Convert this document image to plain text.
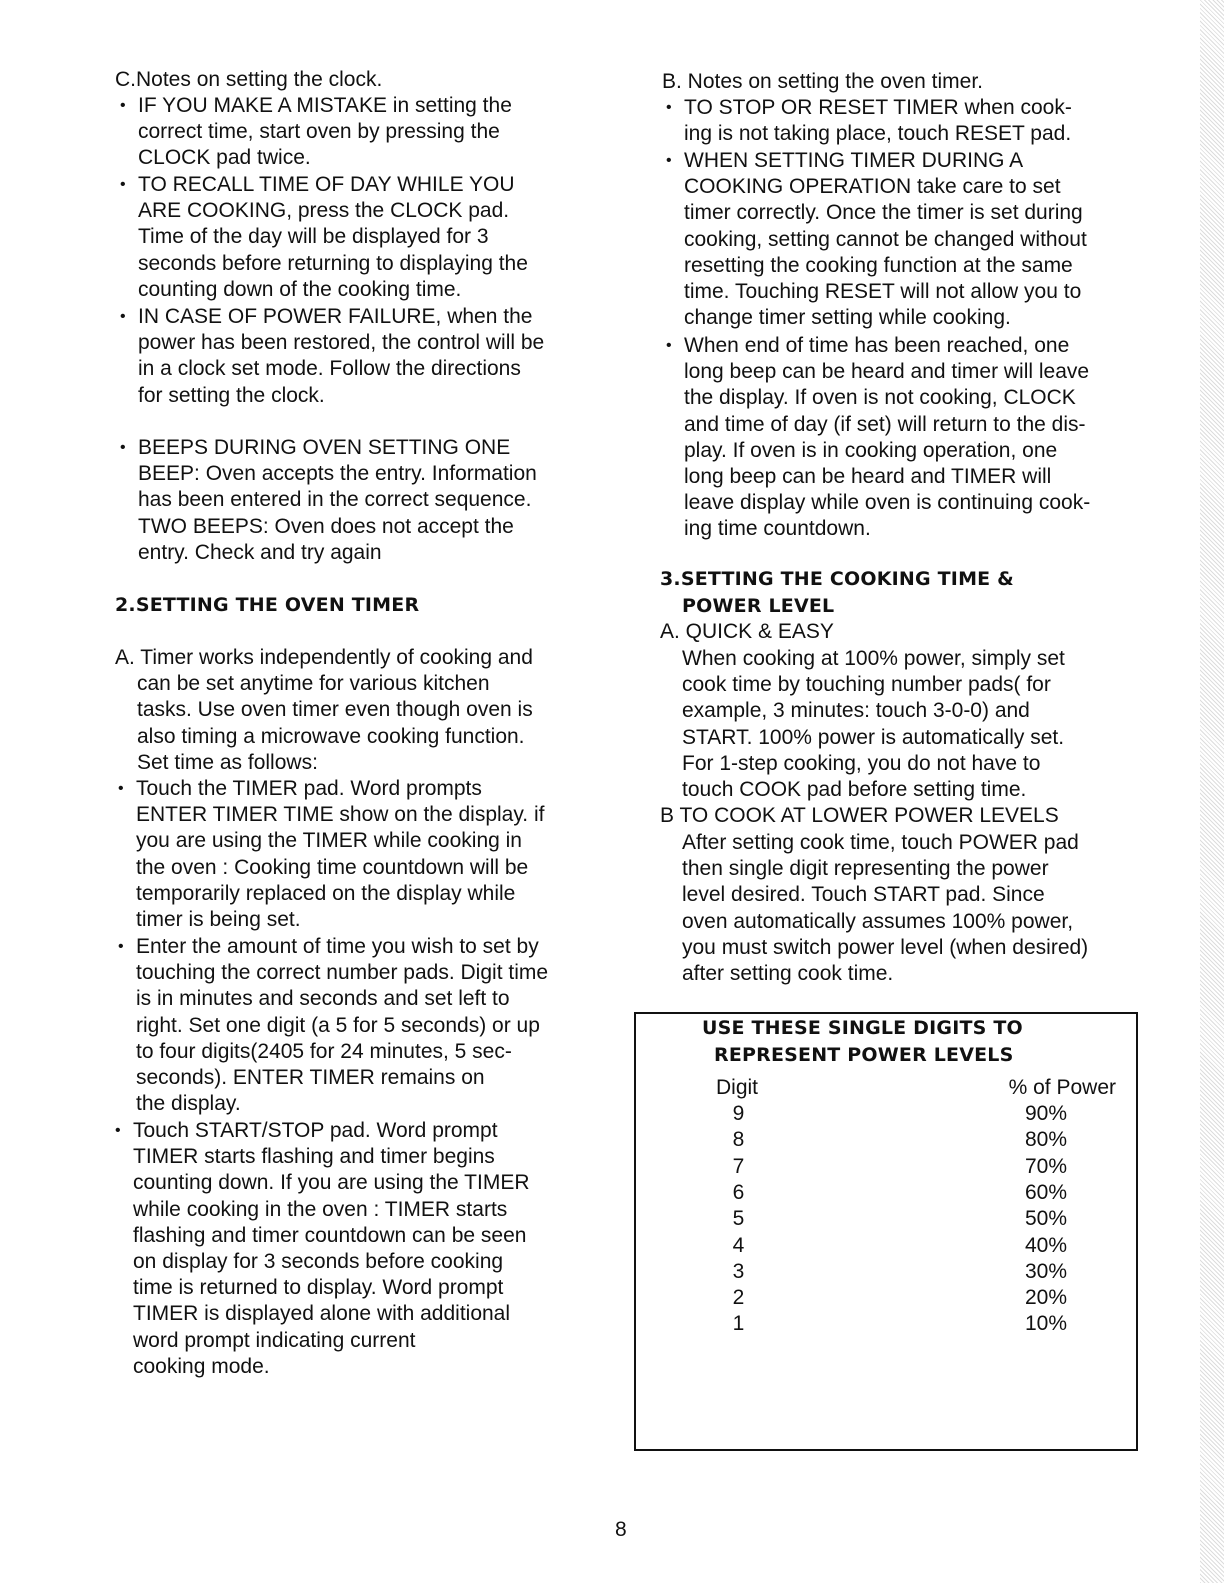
C.Notes on setting the clock.
• IF YOU MAKE A MISTAKE in setting the
correct time, start oven by pressing the
CLOCK pad twice.
• TO RECALL TIME OF DAY WHILE YOU
ARE COOKING, press the CLOCK pad.
Time of the day will be displayed for 3
seconds before returning to displaying the
counting down of the cooking time.
• IN CASE OF POWER FAILURE, when the
power has been restored, the control will be
in a clock set mode. Follow the directions
for setting the clock.
• BEEPS DURING OVEN SETTING ONE
BEEP: Oven accepts the entry. Information
has been entered in the correct sequence.
TWO BEEPS: Oven does not accept the
entry. Check and try again
2.SETTING THE OVEN TIMER
A. Timer works independently of cooking and
can be set anytime for various kitchen
tasks. Use oven timer even though oven is
also timing a microwave cooking function.
Set time as follows:
• Touch the TIMER pad. Word prompts
ENTER TIMER TIME show on the display. if
you are using the TIMER while cooking in
the oven : Cooking time countdown will be
temporarily replaced on the display while
timer is being set.
• Enter the amount of time you wish to set by
touching the correct number pads. Digit time
is in minutes and seconds and set left to
right. Set one digit (a 5 for 5 seconds) or up
to four digits(2405 for 24 minutes, 5 sec-
seconds). ENTER TIMER remains on
the display.
• Touch START/STOP pad. Word prompt
TIMER starts flashing and timer begins
counting down. If you are using the TIMER
while cooking in the oven : TIMER starts
flashing and timer countdown can be seen
on display for 3 seconds before cooking
time is returned to display. Word prompt
TIMER is displayed alone with additional
word prompt indicating current
cooking mode.
B. Notes on setting the oven timer.
• TO STOP OR RESET TIMER when cook-
ing is not taking place, touch RESET pad.
• WHEN SETTING TIMER DURING A
COOKING OPERATION take care to set
timer correctly. Once the timer is set during
cooking, setting cannot be changed without
resetting the cooking function at the same
time. Touching RESET will not allow you to
change timer setting while cooking.
• When end of time has been reached, one
long beep can be heard and timer will leave
the display. If oven is not cooking, CLOCK
and time of day (if set) will return to the dis-
play. If oven is in cooking operation, one
long beep can be heard and TIMER will
leave display while oven is continuing cook-
ing time countdown.
3.SETTING THE COOKING TIME &
POWER LEVEL
A. QUICK & EASY
When cooking at 100% power, simply set
cook time by touching number pads( for
example, 3 minutes: touch 3-0-0) and
START. 100% power is automatically set.
For 1-step cooking, you do not have to
touch COOK pad before setting time.
B TO COOK AT LOWER POWER LEVELS
After setting cook time, touch POWER pad
then single digit representing the power
level desired. Touch START pad. Since
oven automatically assumes 100% power,
you must switch power level (when desired)
after setting cook time.
USE THESE SINGLE DIGITS TO
REPRESENT POWER LEVELS
Digit	% of Power
9	90%
8	80%
7	70%
6	60%
5	50%
4	40%
3	30%
2	20%
1	10%
8
